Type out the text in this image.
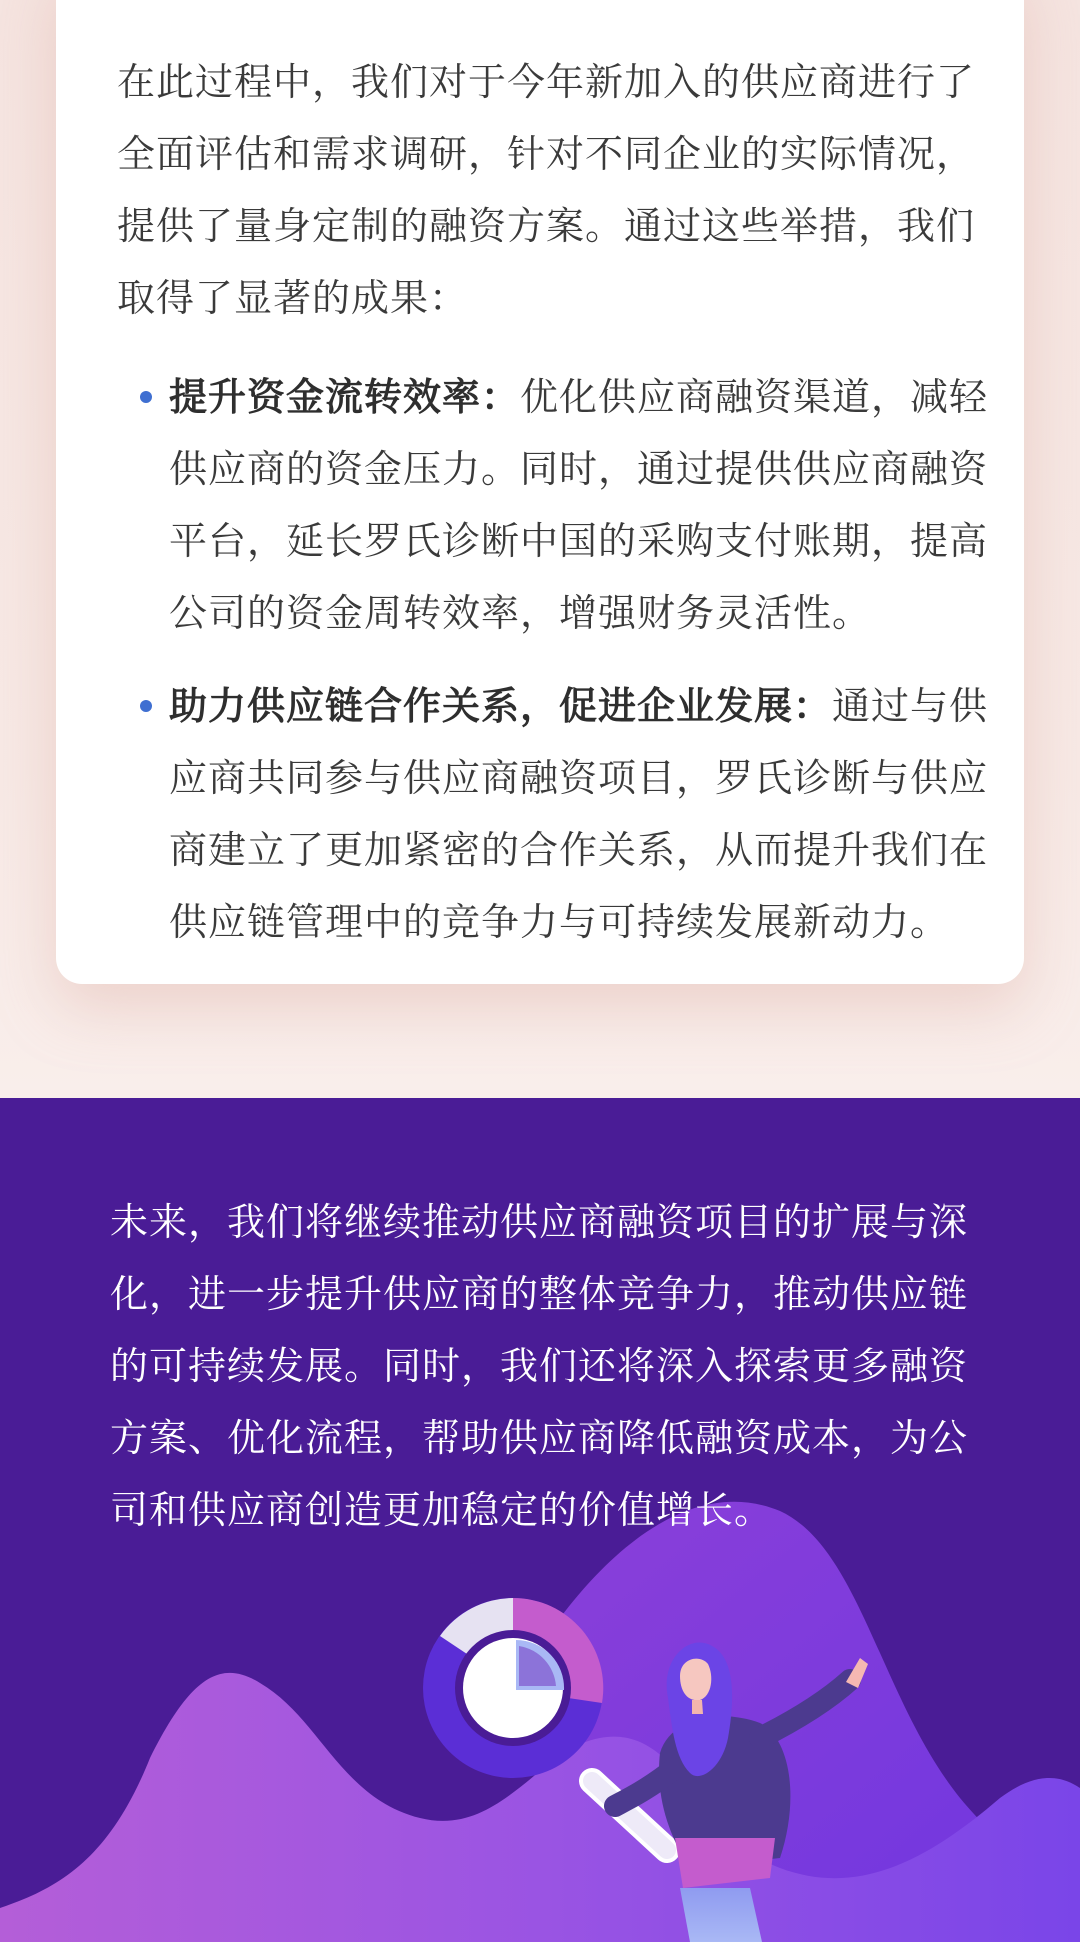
在此过程中，我们对于今年新加入的供应商进行了全面评估和需求调研，针对不同企业的实际情况，提供了量身定制的融资方案。通过这些举措，我们取得了显著的成果：

提升资金流转效率：优化供应商融资渠道，减轻供应商的资金压力。同时，通过提供供应商融资平台，延长罗氏诊断中国的采购支付账期，提高公司的资金周转效率，增强财务灵活性。
助力供应链合作关系，促进企业发展：通过与供应商共同参与供应商融资项目，罗氏诊断与供应商建立了更加紧密的合作关系，从而提升我们在供应链管理中的竞争力与可持续发展新动力。

未来，我们将继续推动供应商融资项目的扩展与深化，进一步提升供应商的整体竞争力，推动供应链的可持续发展。同时，我们还将深入探索更多融资方案、优化流程，帮助供应商降低融资成本，为公司和供应商创造更加稳定的价值增长。
